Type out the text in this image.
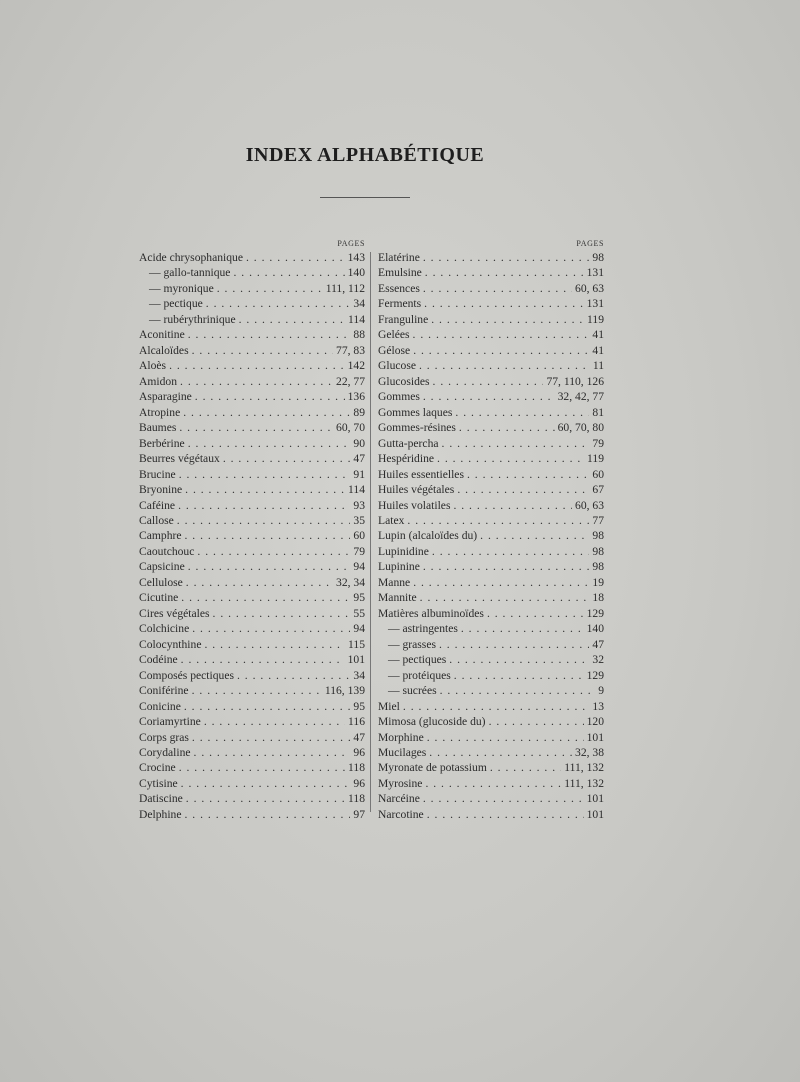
INDEX ALPHABÉTIQUE
PAGES
Acide chrysophanique . . .	143
— gallo-tannique . . .	140
— myronique . . .	111, 112
— pectique . . .	34
— rubérythrinique . . .	114
Aconitine . . .	88
Alcaloïdes . . .	77, 83
Aloès . . .	142
Amidon . . .	22, 77
Asparagine . . .	136
Atropine . . .	89
Baumes . . .	60, 70
Berbérine . . .	90
Beurres végétaux . . .	47
Brucine . . .	91
Bryonine . . .	114
Caféine . . .	93
Callose . . .	35
Camphre . . .	60
Caoutchouc . . .	79
Capsicine . . .	94
Cellulose . . .	32, 34
Cicutine . . .	95
Cires végétales . . .	55
Colchicine . . .	94
Colocynthine . . .	115
Codéine . . .	101
Composés pectiques . . .	34
Coniférine . . .	116, 139
Conicine . . .	95
Coriamyrtine . . .	116
Corps gras . . .	47
Corydaline . . .	96
Crocine . . .	118
Cytisine . . .	96
Datiscine . . .	118
Delphine . . .	97
PAGES
Elatérine . . .	98
Emulsine . . .	131
Essences . . .	60, 63
Ferments . . .	131
Franguline . . .	119
Gelées . . .	41
Gélose . . .	41
Glucose . . .	11
Glucosides . . .	77, 110, 126
Gommes . . .	32, 42, 77
Gommes laques . . .	81
Gommes-résines . . .	60, 70, 80
Gutta-percha . . .	79
Hespéridine . . .	119
Huiles essentielles . . .	60
Huiles végétales . . .	67
Huiles volatiles . . .	60, 63
Latex . . .	77
Lupin (alcaloïdes du) . . .	98
Lupinidine . . .	98
Lupinine . . .	98
Manne . . .	19
Mannite . . .	18
Matières albuminoïdes . . .	129
— astringentes . . .	140
— grasses . . .	47
— pectiques . . .	32
— protéiques . . .	129
— sucrées . . .	9
Miel . . .	13
Mimosa (glucoside du) . . .	120
Morphine . . .	101
Mucilages . . .	32, 38
Myronate de potassium . . .	111, 132
Myrosine . . .	111, 132
Narcéine . . .	101
Narcotine . . .	101
